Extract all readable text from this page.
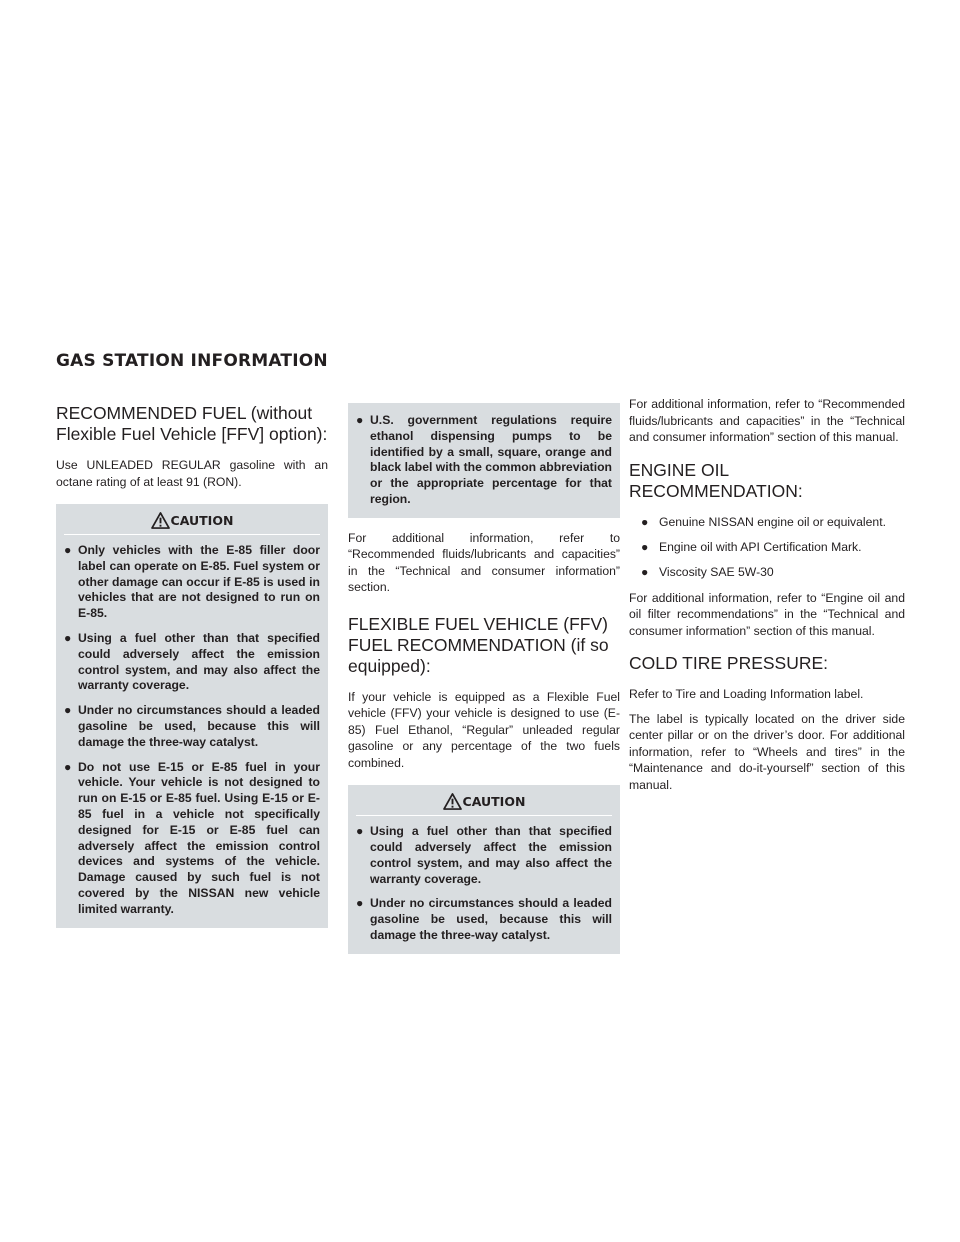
GAS STATION INFORMATION
RECOMMENDED FUEL (without Flexible Fuel Vehicle [FFV] option):

Use UNLEADED REGULAR gasoline with an octane rating of at least 91 (RON).

CAUTION
● Only vehicles with the E-85 filler door label can operate on E-85. Fuel system or other damage can occur if E-85 is used in vehicles that are not designed to run on E-85.
● Using a fuel other than that specified could adversely affect the emission control system, and may also affect the warranty coverage.
● Under no circumstances should a leaded gasoline be used, because this will damage the three-way catalyst.
● Do not use E-15 or E-85 fuel in your vehicle. Your vehicle is not designed to run on E-15 or E-85 fuel. Using E-15 or E-85 fuel in a vehicle not specifically designed for E-15 or E-85 fuel can adversely affect the emission control devices and systems of the vehicle. Damage caused by such fuel is not covered by the NISSAN new vehicle limited warranty.
● U.S. government regulations require ethanol dispensing pumps to be identified by a small, square, orange and black label with the common abbreviation or the appropriate percentage for that region.

For additional information, refer to “Recommended fluids/lubricants and capacities” in the “Technical and consumer information” section.

FLEXIBLE FUEL VEHICLE (FFV) FUEL RECOMMENDATION (if so equipped):

If your vehicle is equipped as a Flexible Fuel vehicle (FFV) your vehicle is designed to use (E-85) Fuel Ethanol, “Regular” unleaded regular gasoline or any percentage of the two fuels combined.

CAUTION
● Using a fuel other than that specified could adversely affect the emission control system, and may also affect the warranty coverage.
● Under no circumstances should a leaded gasoline be used, because this will damage the three-way catalyst.

For additional information, refer to “Recommended fluids/lubricants and capacities” in the “Technical and consumer information” section of this manual.

ENGINE OIL RECOMMENDATION:
● Genuine NISSAN engine oil or equivalent.
● Engine oil with API Certification Mark.
● Viscosity SAE 5W-30

For additional information, refer to “Engine oil and oil filter recommendations” in the “Technical and consumer information” section of this manual.

COLD TIRE PRESSURE:

Refer to Tire and Loading Information label.

The label is typically located on the driver side center pillar or on the driver’s door. For additional information, refer to “Wheels and tires” in the “Maintenance and do-it-yourself” section of this manual.
